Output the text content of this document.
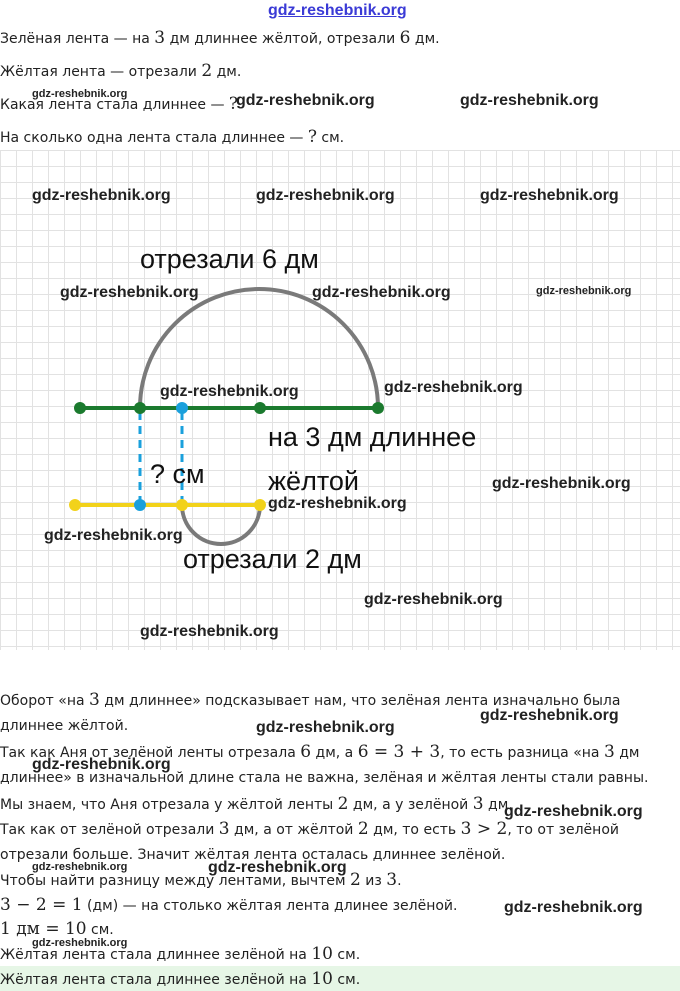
gdz-reshebnik.org
Зелёная лента — на 3 дм длиннее жёлтой, отрезали 6 дм.
Жёлтая лента — отрезали 2 дм.
Какая лента стала длиннее — ?
На сколько одна лента стала длиннее — ? см.
отрезали 6 дм
на 3 дм длиннее
жёлтой
? см
отрезали 2 дм
Оборот «на 3 дм длиннее» подсказывает нам, что зелёная лента изначально была
длиннее жёлтой.
Так как Аня от зелёной ленты отрезала 6 дм, а 6 = 3 + 3, то есть разница «на 3 дм
длиннее» в изначальной длине стала не важна, зелёная и жёлтая ленты стали равны.
Мы знаем, что Аня отрезала у жёлтой ленты 2 дм, а у зелёной 3 дм.
Так как от зелёной отрезали 3 дм, а от жёлтой 2 дм, то есть 3 > 2, то от зелёной
отрезали больше. Значит жёлтая лента осталась длиннее зелёной.
Чтобы найти разницу между лентами, вычтем 2 из 3.
3 − 2 = 1 (дм) — на столько жёлтая лента длинее зелёной.
1 дм = 10 см.
Жёлтая лента стала длиннее зелёной на 10 см.
Жёлтая лента стала длиннее зелёной на 10 см.
gdz-reshebnik.org	gdz-reshebnik.org	gdz-reshebnik.org
gdz-reshebnik.org	gdz-reshebnik.org	gdz-reshebnik.org
gdz-reshebnik.org	gdz-reshebnik.org	gdz-reshebnik.org
gdz-reshebnik.org	gdz-reshebnik.org
gdz-reshebnik.org
gdz-reshebnik.org
gdz-reshebnik.org
gdz-reshebnik.org
gdz-reshebnik.org
gdz-reshebnik.org
gdz-reshebnik.org
gdz-reshebnik.org
gdz-reshebnik.org
gdz-reshebnik.org
gdz-reshebnik.org
gdz-reshebnik.org
gdz-reshebnik.org
